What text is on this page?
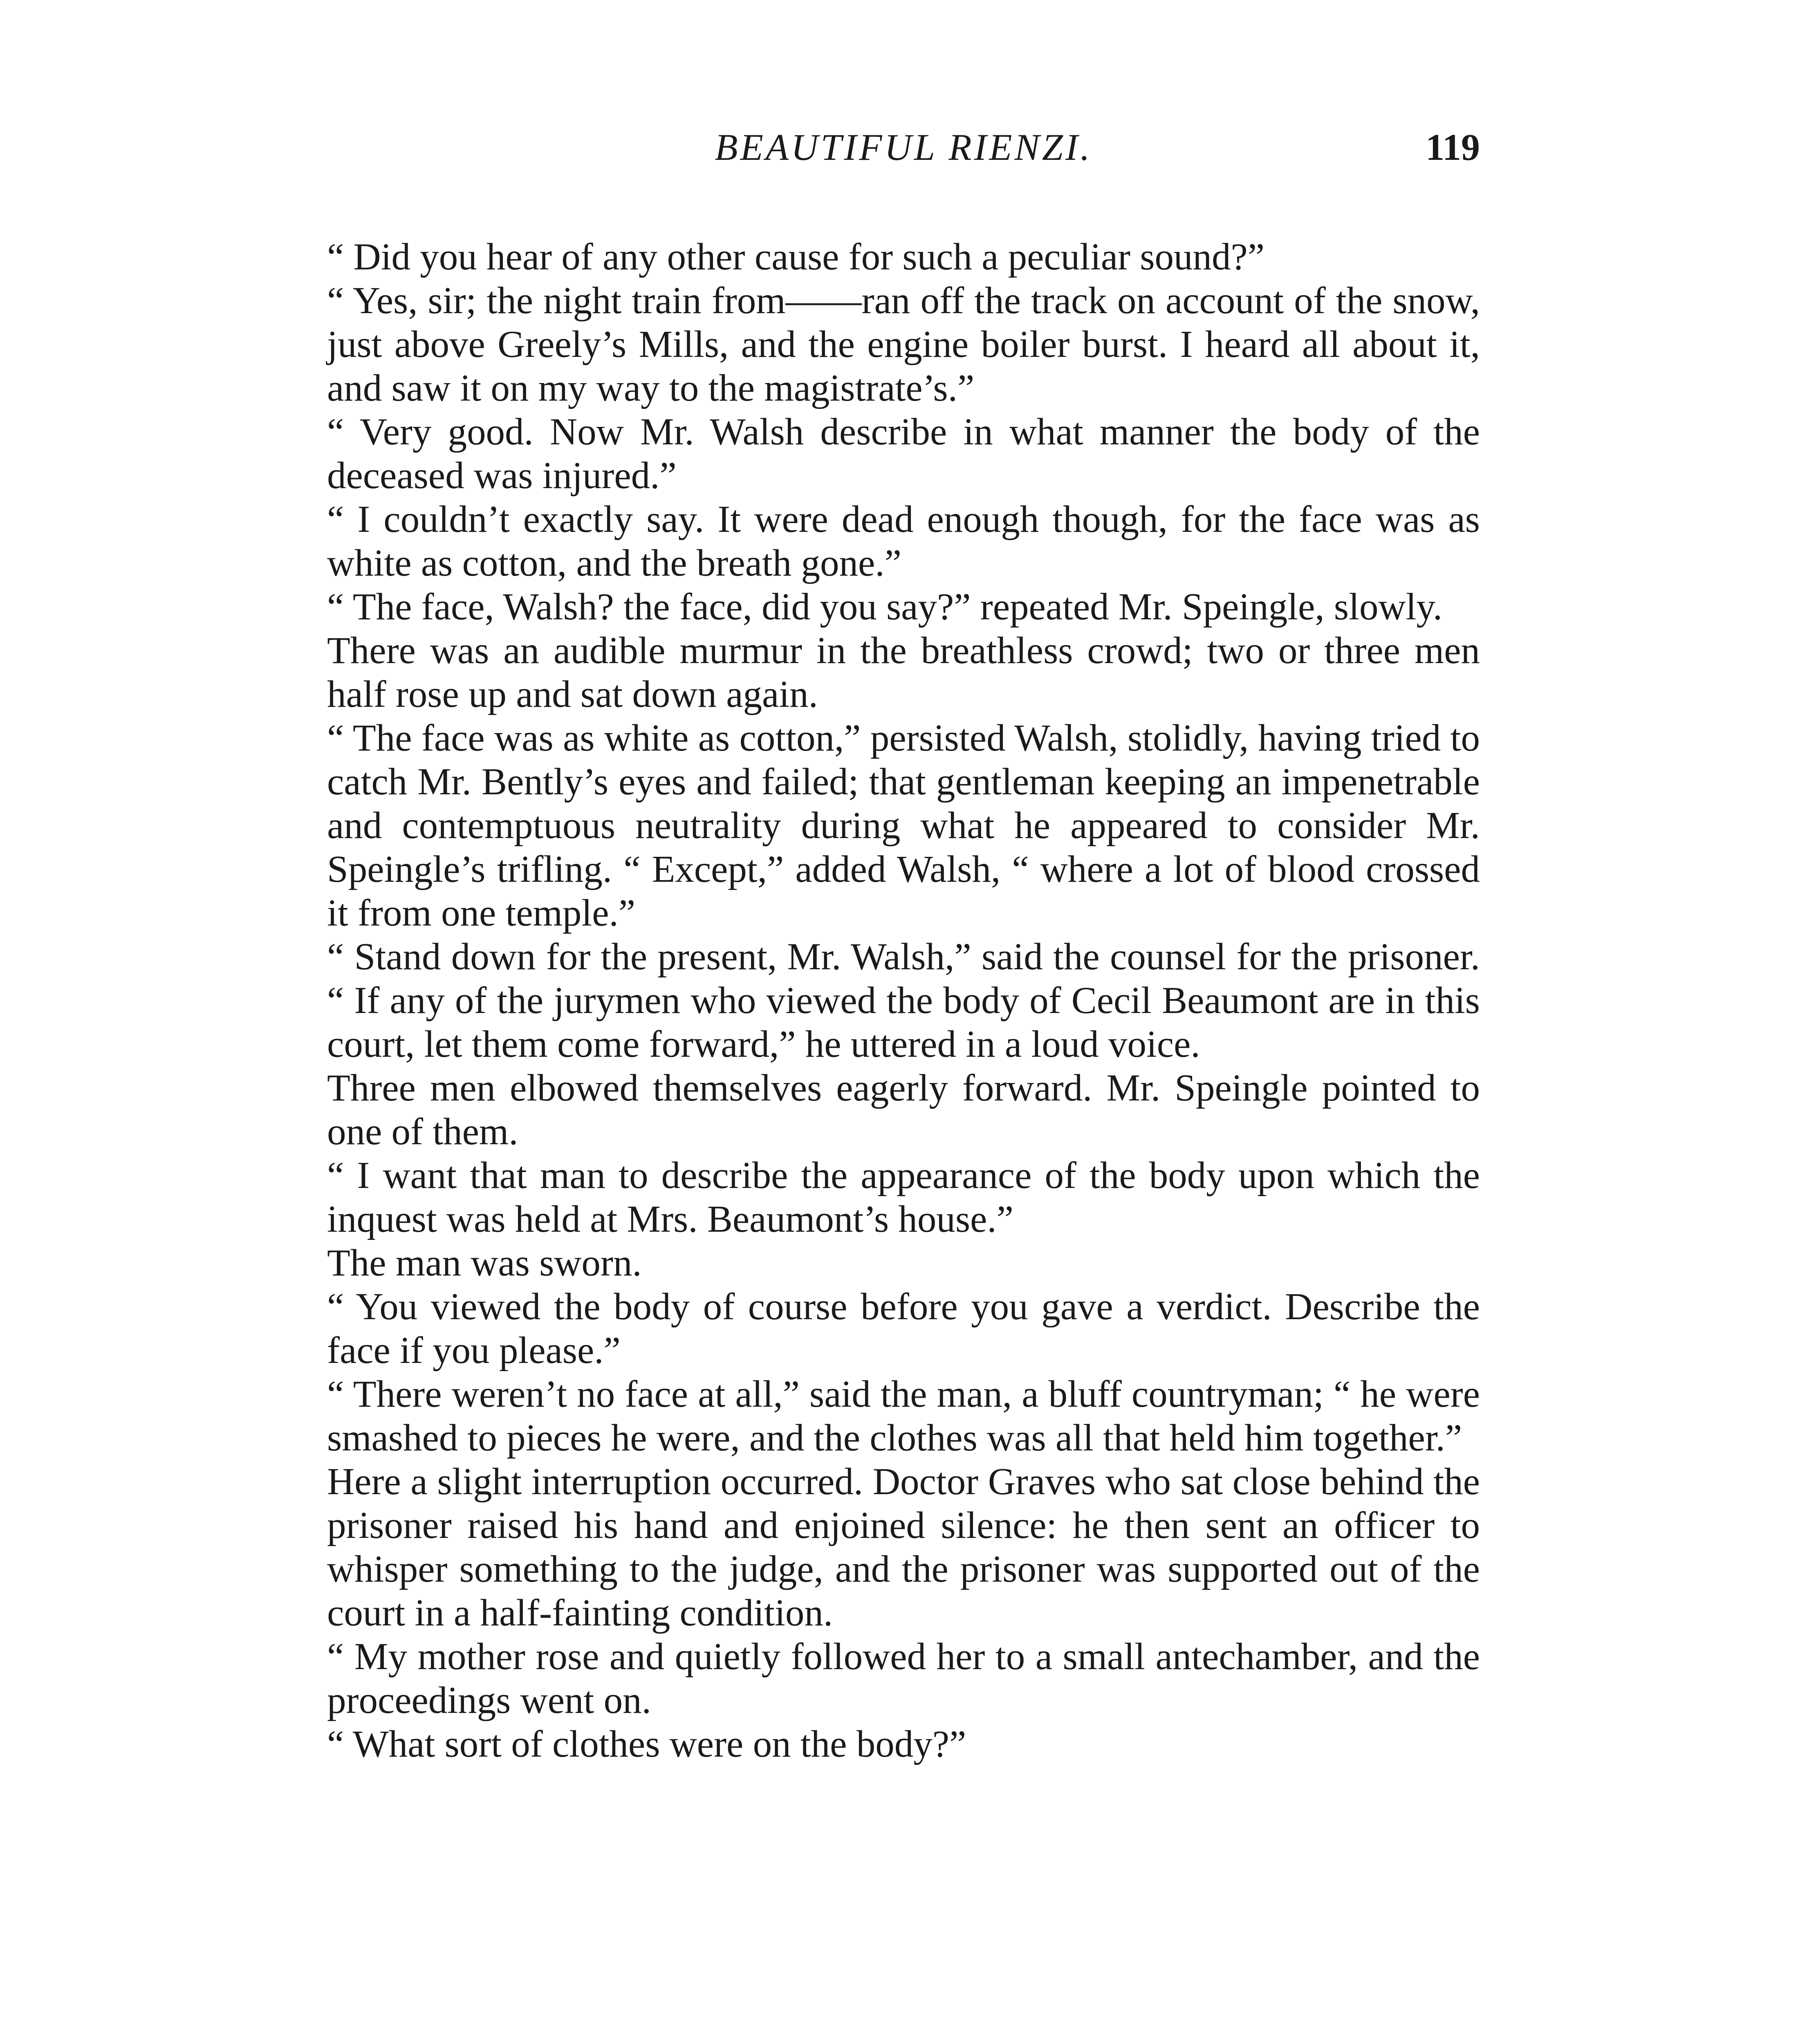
BEAUTIFUL RIENZI.	119

“ Did you hear of any other cause for such a peculiar sound?”

“ Yes, sir; the night train from——ran off the track on account of the snow, just above Greely’s Mills, and the engine boiler burst. I heard all about it, and saw it on my way to the magistrate’s.”

“ Very good. Now Mr. Walsh describe in what manner the body of the deceased was injured.”

“ I couldn’t exactly say. It were dead enough though, for the face was as white as cotton, and the breath gone.”

“ The face, Walsh? the face, did you say?” repeated Mr. Speingle, slowly.

There was an audible murmur in the breathless crowd; two or three men half rose up and sat down again.

“ The face was as white as cotton,” persisted Walsh, stolidly, having tried to catch Mr. Bently’s eyes and failed; that gentleman keeping an impenetrable and contemptuous neutrality during what he appeared to consider Mr. Speingle’s trifling. “ Except,” added Walsh, “ where a lot of blood crossed it from one temple.”

“ Stand down for the present, Mr. Walsh,” said the counsel for the prisoner. “ If any of the jurymen who viewed the body of Cecil Beaumont are in this court, let them come forward,” he uttered in a loud voice.

Three men elbowed themselves eagerly forward. Mr. Speingle pointed to one of them.

“ I want that man to describe the appearance of the body upon which the inquest was held at Mrs. Beaumont’s house.”

The man was sworn.

“ You viewed the body of course before you gave a verdict. Describe the face if you please.”

“ There weren’t no face at all,” said the man, a bluff countryman; “ he were smashed to pieces he were, and the clothes was all that held him together.”

Here a slight interruption occurred. Doctor Graves who sat close behind the prisoner raised his hand and enjoined silence: he then sent an officer to whisper something to the judge, and the prisoner was supported out of the court in a half-fainting condition.

“ My mother rose and quietly followed her to a small antechamber, and the proceedings went on.

“ What sort of clothes were on the body?”
